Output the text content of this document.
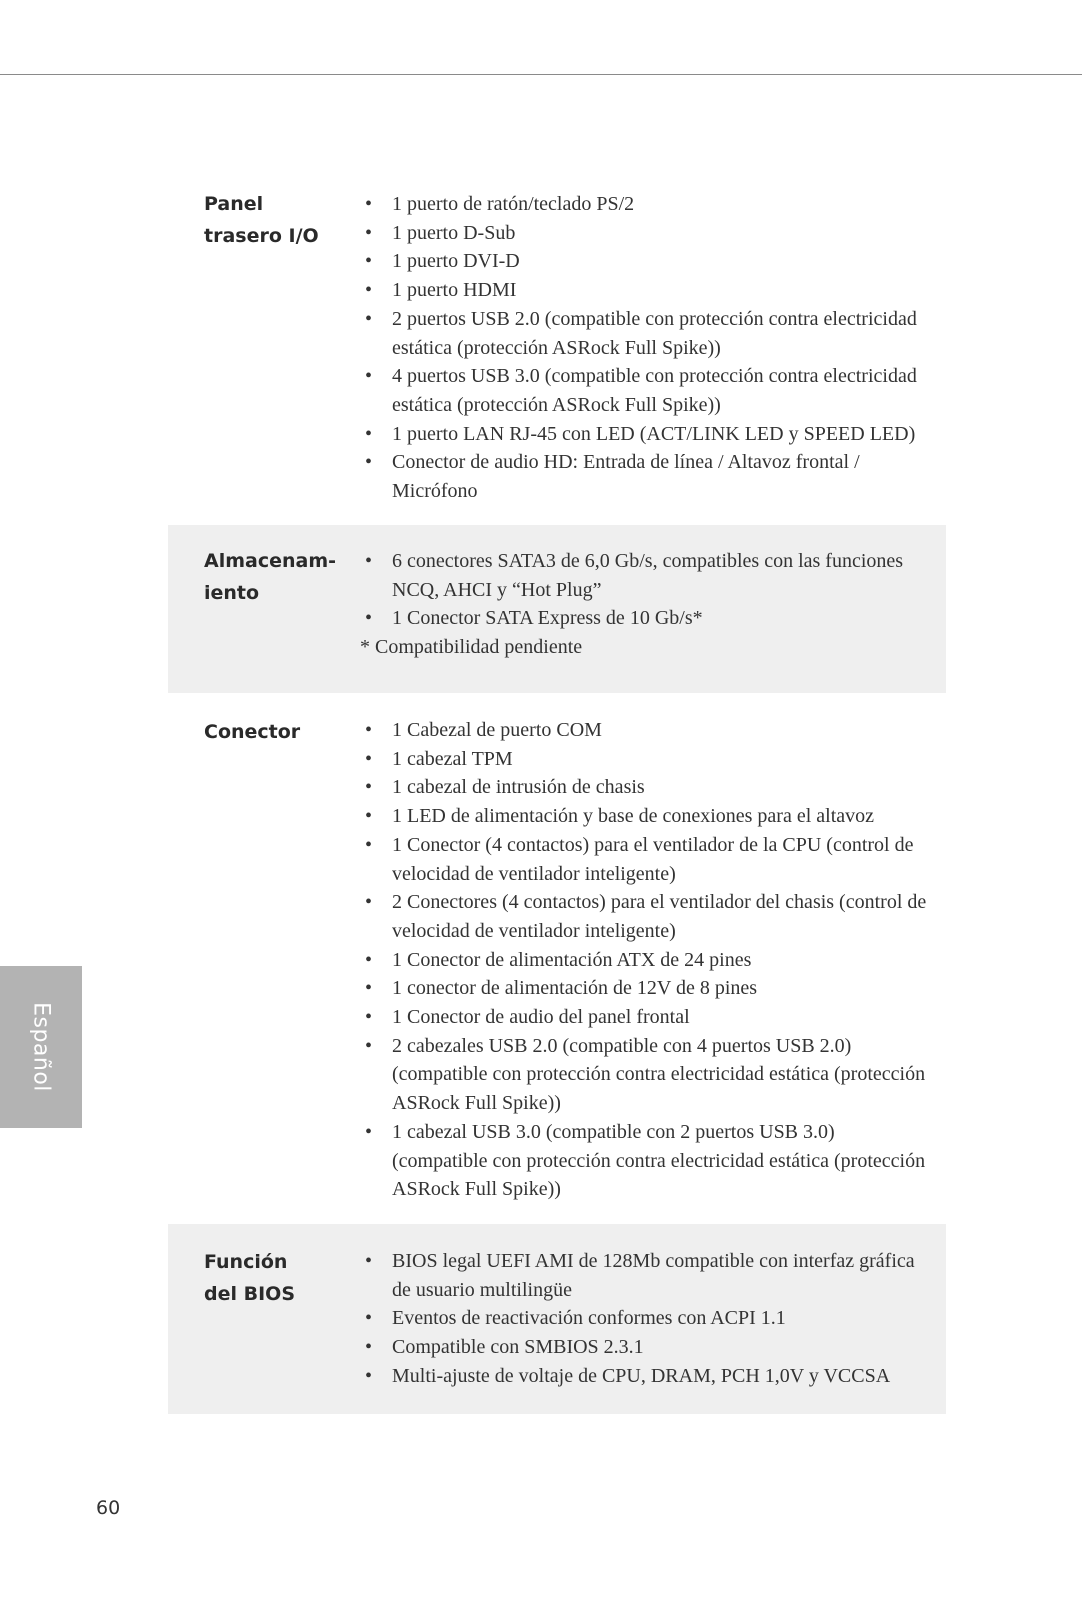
Panel
trasero I/O
• 1 puerto de ratón/teclado PS/2
• 1 puerto D-Sub
• 1 puerto DVI-D
• 1 puerto HDMI
• 2 puertos USB 2.0 (compatible con protección contra electricidad estática (protección ASRock Full Spike))
• 4 puertos USB 3.0 (compatible con protección contra electricidad estática (protección ASRock Full Spike))
• 1 puerto LAN RJ-45 con LED (ACT/LINK LED y SPEED LED)
• Conector de audio HD: Entrada de línea / Altavoz frontal / Micrófono
Almacenam-
iento
• 6 conectores SATA3 de 6,0 Gb/s, compatibles con las funciones NCQ, AHCI y “Hot Plug”
• 1 Conector SATA Express de 10 Gb/s*
* Compatibilidad pendiente
Conector
•	1 Cabezal de puerto COM
• 1 cabezal TPM
• 1 cabezal de intrusión de chasis
• 1 LED de alimentación y base de conexiones para el altavoz
• 1 Conector (4 contactos) para el ventilador de la CPU (control de velocidad de ventilador inteligente)
• 2 Conectores (4 contactos) para el ventilador del chasis (control de velocidad de ventilador inteligente)
• 1 Conector de alimentación ATX de 24 pines
• 1 conector de alimentación de 12V de 8 pines
• 1 Conector de audio del panel frontal
• 2 cabezales USB 2.0 (compatible con 4 puertos USB 2.0) (compatible con protección contra electricidad estática (protección ASRock Full Spike))
• 1 cabezal USB 3.0 (compatible con 2 puertos USB 3.0) (compatible con protección contra electricidad estática (protección ASRock Full Spike))
Función
del BIOS
• BIOS legal UEFI AMI de 128Mb compatible con interfaz gráfica de usuario multilingüe
• Eventos de reactivación conformes con ACPI 1.1
• Compatible con SMBIOS 2.3.1
• Multi-ajuste de voltaje de CPU, DRAM, PCH 1,0V y VCCSA
Español
60
